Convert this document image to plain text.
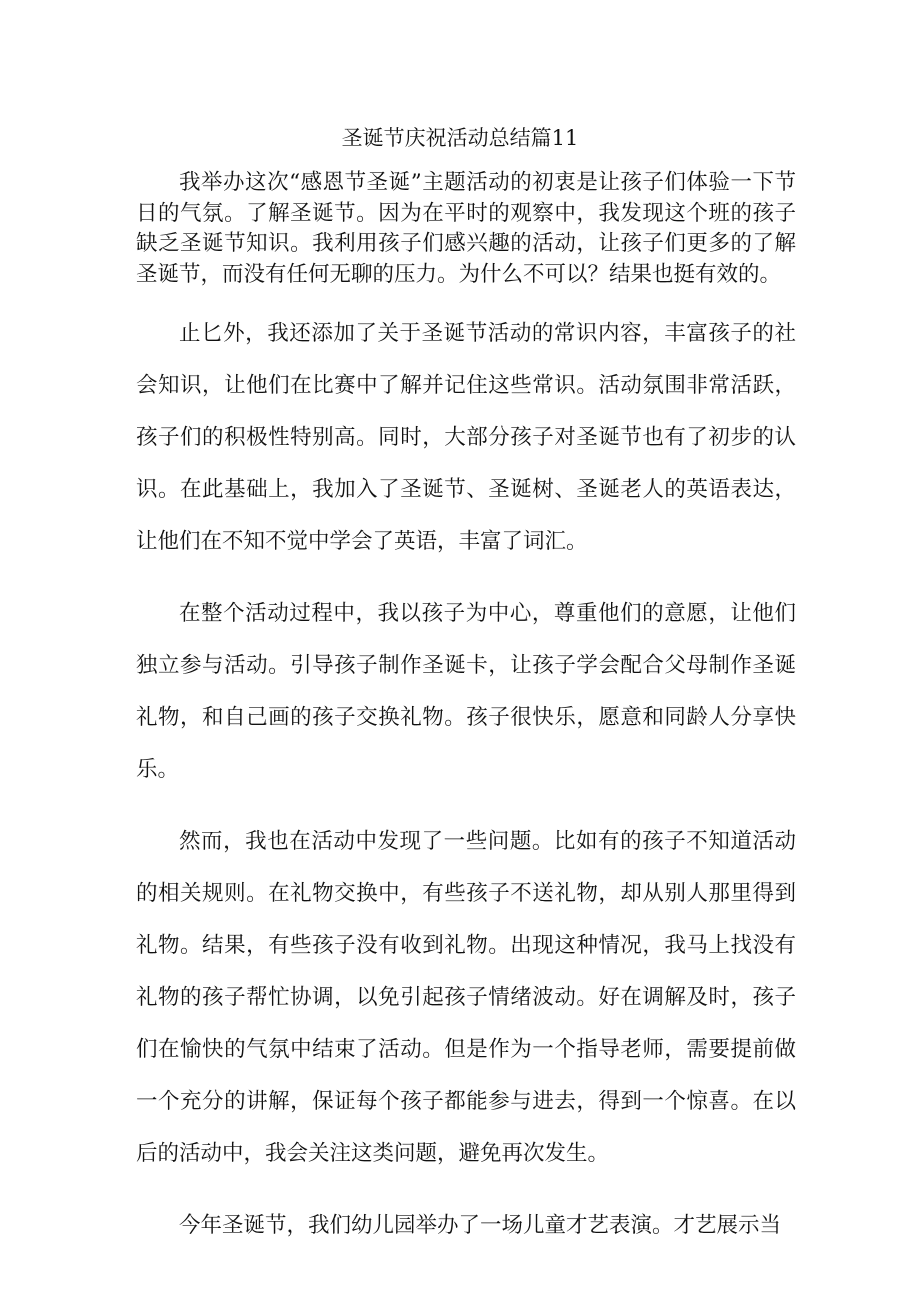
圣诞节庆祝活动总结篇11

我举办这次“感恩节圣诞”主题活动的初衷是让孩子们体验一下节日的气氛。了解圣诞节。因为在平时的观察中，我发现这个班的孩子缺乏圣诞节知识。我利用孩子们感兴趣的活动，让孩子们更多的了解圣诞节，而没有任何无聊的压力。为什么不可以？结果也挺有效的。

止匕外，我还添加了关于圣诞节活动的常识内容，丰富孩子的社会知识，让他们在比赛中了解并记住这些常识。活动氛围非常活跃，孩子们的积极性特别高。同时，大部分孩子对圣诞节也有了初步的认识。在此基础上，我加入了圣诞节、圣诞树、圣诞老人的英语表达，让他们在不知不觉中学会了英语，丰富了词汇。

在整个活动过程中，我以孩子为中心，尊重他们的意愿，让他们独立参与活动。引导孩子制作圣诞卡，让孩子学会配合父母制作圣诞礼物，和自己画的孩子交换礼物。孩子很快乐，愿意和同龄人分享快乐。

然而，我也在活动中发现了一些问题。比如有的孩子不知道活动的相关规则。在礼物交换中，有些孩子不送礼物，却从别人那里得到礼物。结果，有些孩子没有收到礼物。出现这种情况，我马上找没有礼物的孩子帮忙协调，以免引起孩子情绪波动。好在调解及时，孩子们在愉快的气氛中结束了活动。但是作为一个指导老师，需要提前做一个充分的讲解，保证每个孩子都能参与进去，得到一个惊喜。在以后的活动中，我会关注这类问题，避免再次发生。

今年圣诞节，我们幼儿园举办了一场儿童才艺表演。才艺展示当
